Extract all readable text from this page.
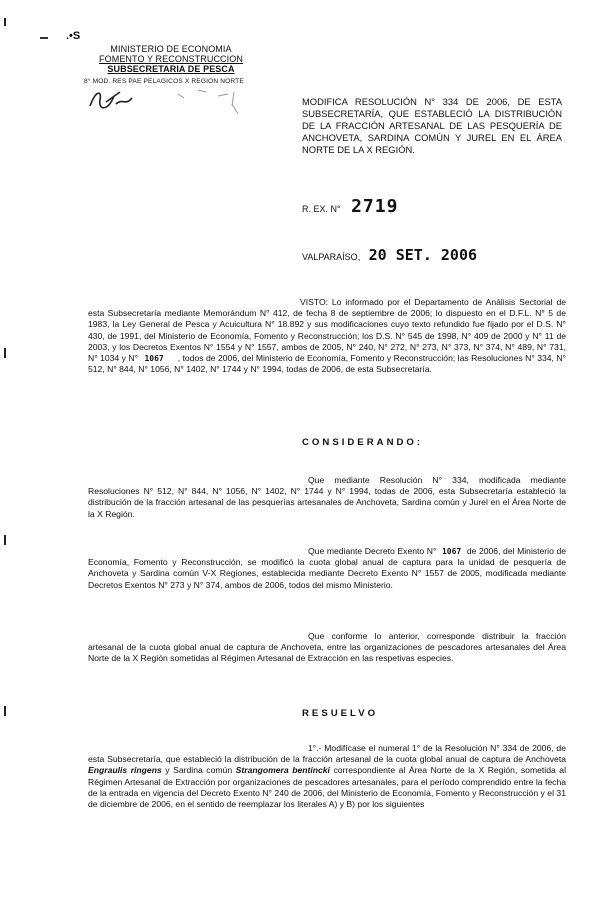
.•S
MINISTERIO DE ECONOMIA
FOMENTO Y RECONSTRUCCION
SUBSECRETARIA DE PESCA
8° MOD. RES PAE PELAGICOS X REGION NORTE
MODIFICA RESOLUCIÓN N° 334 DE 2006, DE ESTA SUBSECRETARÍA, QUE ESTABLECIÓ LA DISTRIBUCIÓN DE LA FRACCIÓN ARTESANAL DE LAS PESQUERÍA DE ANCHOVETA, SARDINA COMÚN Y JUREL EN EL ÁREA NORTE DE LA X REGIÓN.
R. EX. N° 2719
VALPARAÍSO, 20 SET. 2006
VISTO: Lo informado por el Departamento de Análisis Sectorial de esta Subsecretaría mediante Memorándum N° 412, de fecha 8 de septiembre de 2006; lo dispuesto en el D.F.L. N° 5 de 1983, la Ley General de Pesca y Acuicultura N° 18.892 y sus modificaciones cuyo texto refundido fue fijado por el D.S. N° 430, de 1991, del Ministerio de Economía, Fomento y Reconstrucción; los D.S. N° 545 de 1998, N° 409 de 2000 y N° 11 de 2003, y los Decretos Exentos N° 1554 y N° 1557, ambos de 2005, N° 240, N° 272, N° 273, N° 373, N° 374, N° 489, N° 731, N° 1034 y N° 1067 , todos de 2006, del Ministerio de Economía, Fomento y Reconstrucción; las Resoluciones N° 334, N° 512, N° 844, N° 1056, N° 1402, N° 1744 y N° 1994, todas de 2006, de esta Subsecretaría.
CONSIDERANDO:
Que mediante Resolución N° 334, modificada mediante Resoluciones N° 512, N° 844, N° 1056, N° 1402, N° 1744 y N° 1994, todas de 2006, esta Subsecretaría estableció la distribución de la fracción artesanal de las pesquerías artesanales de Anchoveta, Sardina común y Jurel en el Área Norte de la X Región.
Que mediante Decreto Exento N° 1067 de 2006, del Ministerio de Economía, Fomento y Reconstrucción, se modificó la cuota global anual de captura para la unidad de pesquería de Anchoveta y Sardina común V-X Regiones, establecida mediante Decreto Exento N° 1557 de 2005, modificada mediante Decretos Exentos N° 273 y N° 374, ambos de 2006, todos del mismo Ministerio.
Que conforme lo anterior, corresponde distribuir la fracción artesanal de la cuota global anual de captura de Anchoveta, entre las organizaciones de pescadores artesanales del Área Norte de la X Región sometidas al Régimen Artesanal de Extracción en las respetivas especies.
RESUELVO
1°.- Modifícase el numeral 1° de la Resolución N° 334 de 2006, de esta Subsecretaría, que estableció la distribución de la fracción artesanal de la cuota global anual de captura de Anchoveta Engraulis ringens y Sardina común Strangomera bentincki correspondiente al Área Norte de la X Región, sometida al Régimen Artesanal de Extracción por organizaciones de pescadores artesanales, para el período comprendido entre la fecha de la entrada en vigencia del Decreto Exento N° 240 de 2006, del Ministerio de Economía, Fomento y Reconstrucción y el 31 de diciembre de 2006, en el sentido de reemplazar los literales A) y B) por los siguientes
